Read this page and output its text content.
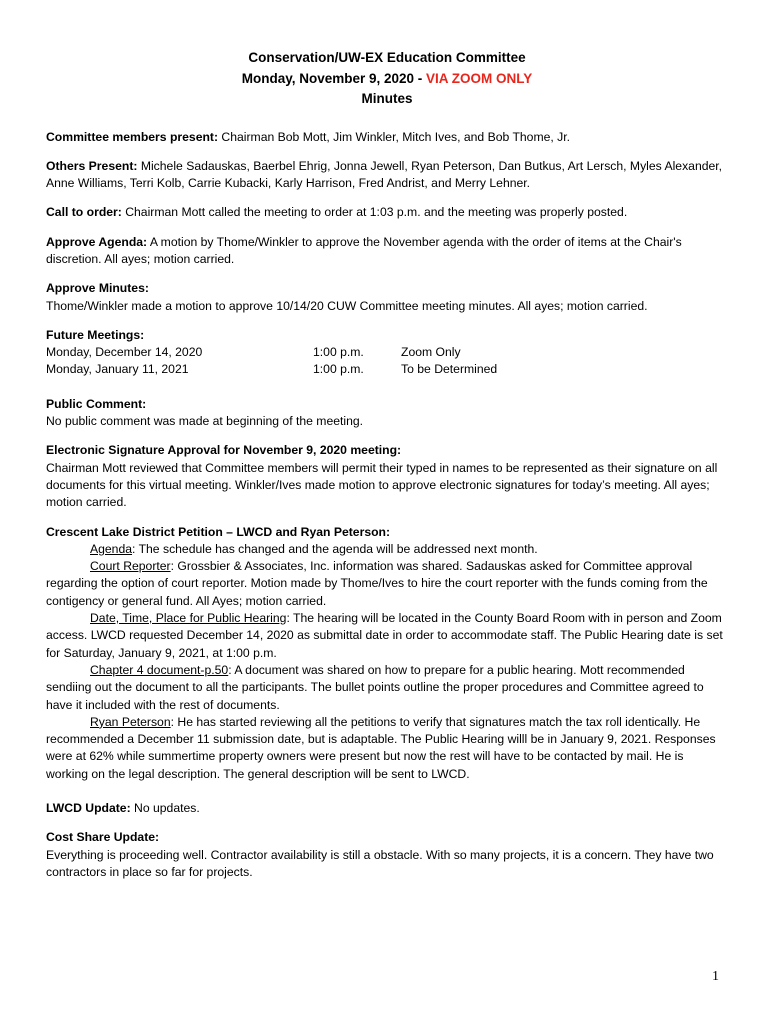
Conservation/UW-EX Education Committee
Monday, November 9, 2020 - VIA ZOOM ONLY
Minutes

Committee members present: Chairman Bob Mott, Jim Winkler, Mitch Ives, and Bob Thome, Jr.

Others Present: Michele Sadauskas, Baerbel Ehrig, Jonna Jewell, Ryan Peterson, Dan Butkus, Art Lersch, Myles Alexander, Anne Williams, Terri Kolb, Carrie Kubacki, Karly Harrison, Fred Andrist, and Merry Lehner.

Call to order: Chairman Mott called the meeting to order at 1:03 p.m. and the meeting was properly posted.

Approve Agenda: A motion by Thome/Winkler to approve the November agenda with the order of items at the Chair's discretion. All ayes; motion carried.

Approve Minutes:
Thome/Winkler made a motion to approve 10/14/20 CUW Committee meeting minutes. All ayes; motion carried.
Future Meetings:
Monday, December 14, 2020	1:00 p.m.	Zoom Only
Monday, January 11, 2021	1:00 p.m.	To be Determined
Public Comment:
No public comment was made at beginning of the meeting.
Electronic Signature Approval for November 9, 2020 meeting:
Chairman Mott reviewed that Committee members will permit their typed in names to be represented as their signature on all documents for this virtual meeting. Winkler/Ives made motion to approve electronic signatures for today’s meeting. All ayes; motion carried.
Crescent Lake District Petition – LWCD and Ryan Peterson:
Agenda: The schedule has changed and the agenda will be addressed next month.
Court Reporter: Grossbier & Associates, Inc. information was shared. Sadauskas asked for Committee approval regarding the option of court reporter. Motion made by Thome/Ives to hire the court reporter with the funds coming from the contigency or general fund. All Ayes; motion carried.
Date, Time, Place for Public Hearing: The hearing will be located in the County Board Room with in person and Zoom access. LWCD requested December 14, 2020 as submittal date in order to accommodate staff. The Public Hearing date is set for Saturday, January 9, 2021, at 1:00 p.m.
Chapter 4 document-p.50: A document was shared on how to prepare for a public hearing. Mott recommended sendiing out the document to all the participants. The bullet points outline the proper procedures and Committee agreed to have it included with the rest of documents.
Ryan Peterson: He has started reviewing all the petitions to verify that signatures match the tax roll identically. He recommended a December 11 submission date, but is adaptable. The Public Hearing willl be in January 9, 2021. Responses were at 62% while summertime property owners were present but now the rest will have to be contacted by mail. He is working on the legal description. The general description will be sent to LWCD.

LWCD Update: No updates.

Cost Share Update:
Everything is proceeding well. Contractor availability is still a obstacle. With so many projects, it is a concern. They have two contractors in place so far for projects.
1
